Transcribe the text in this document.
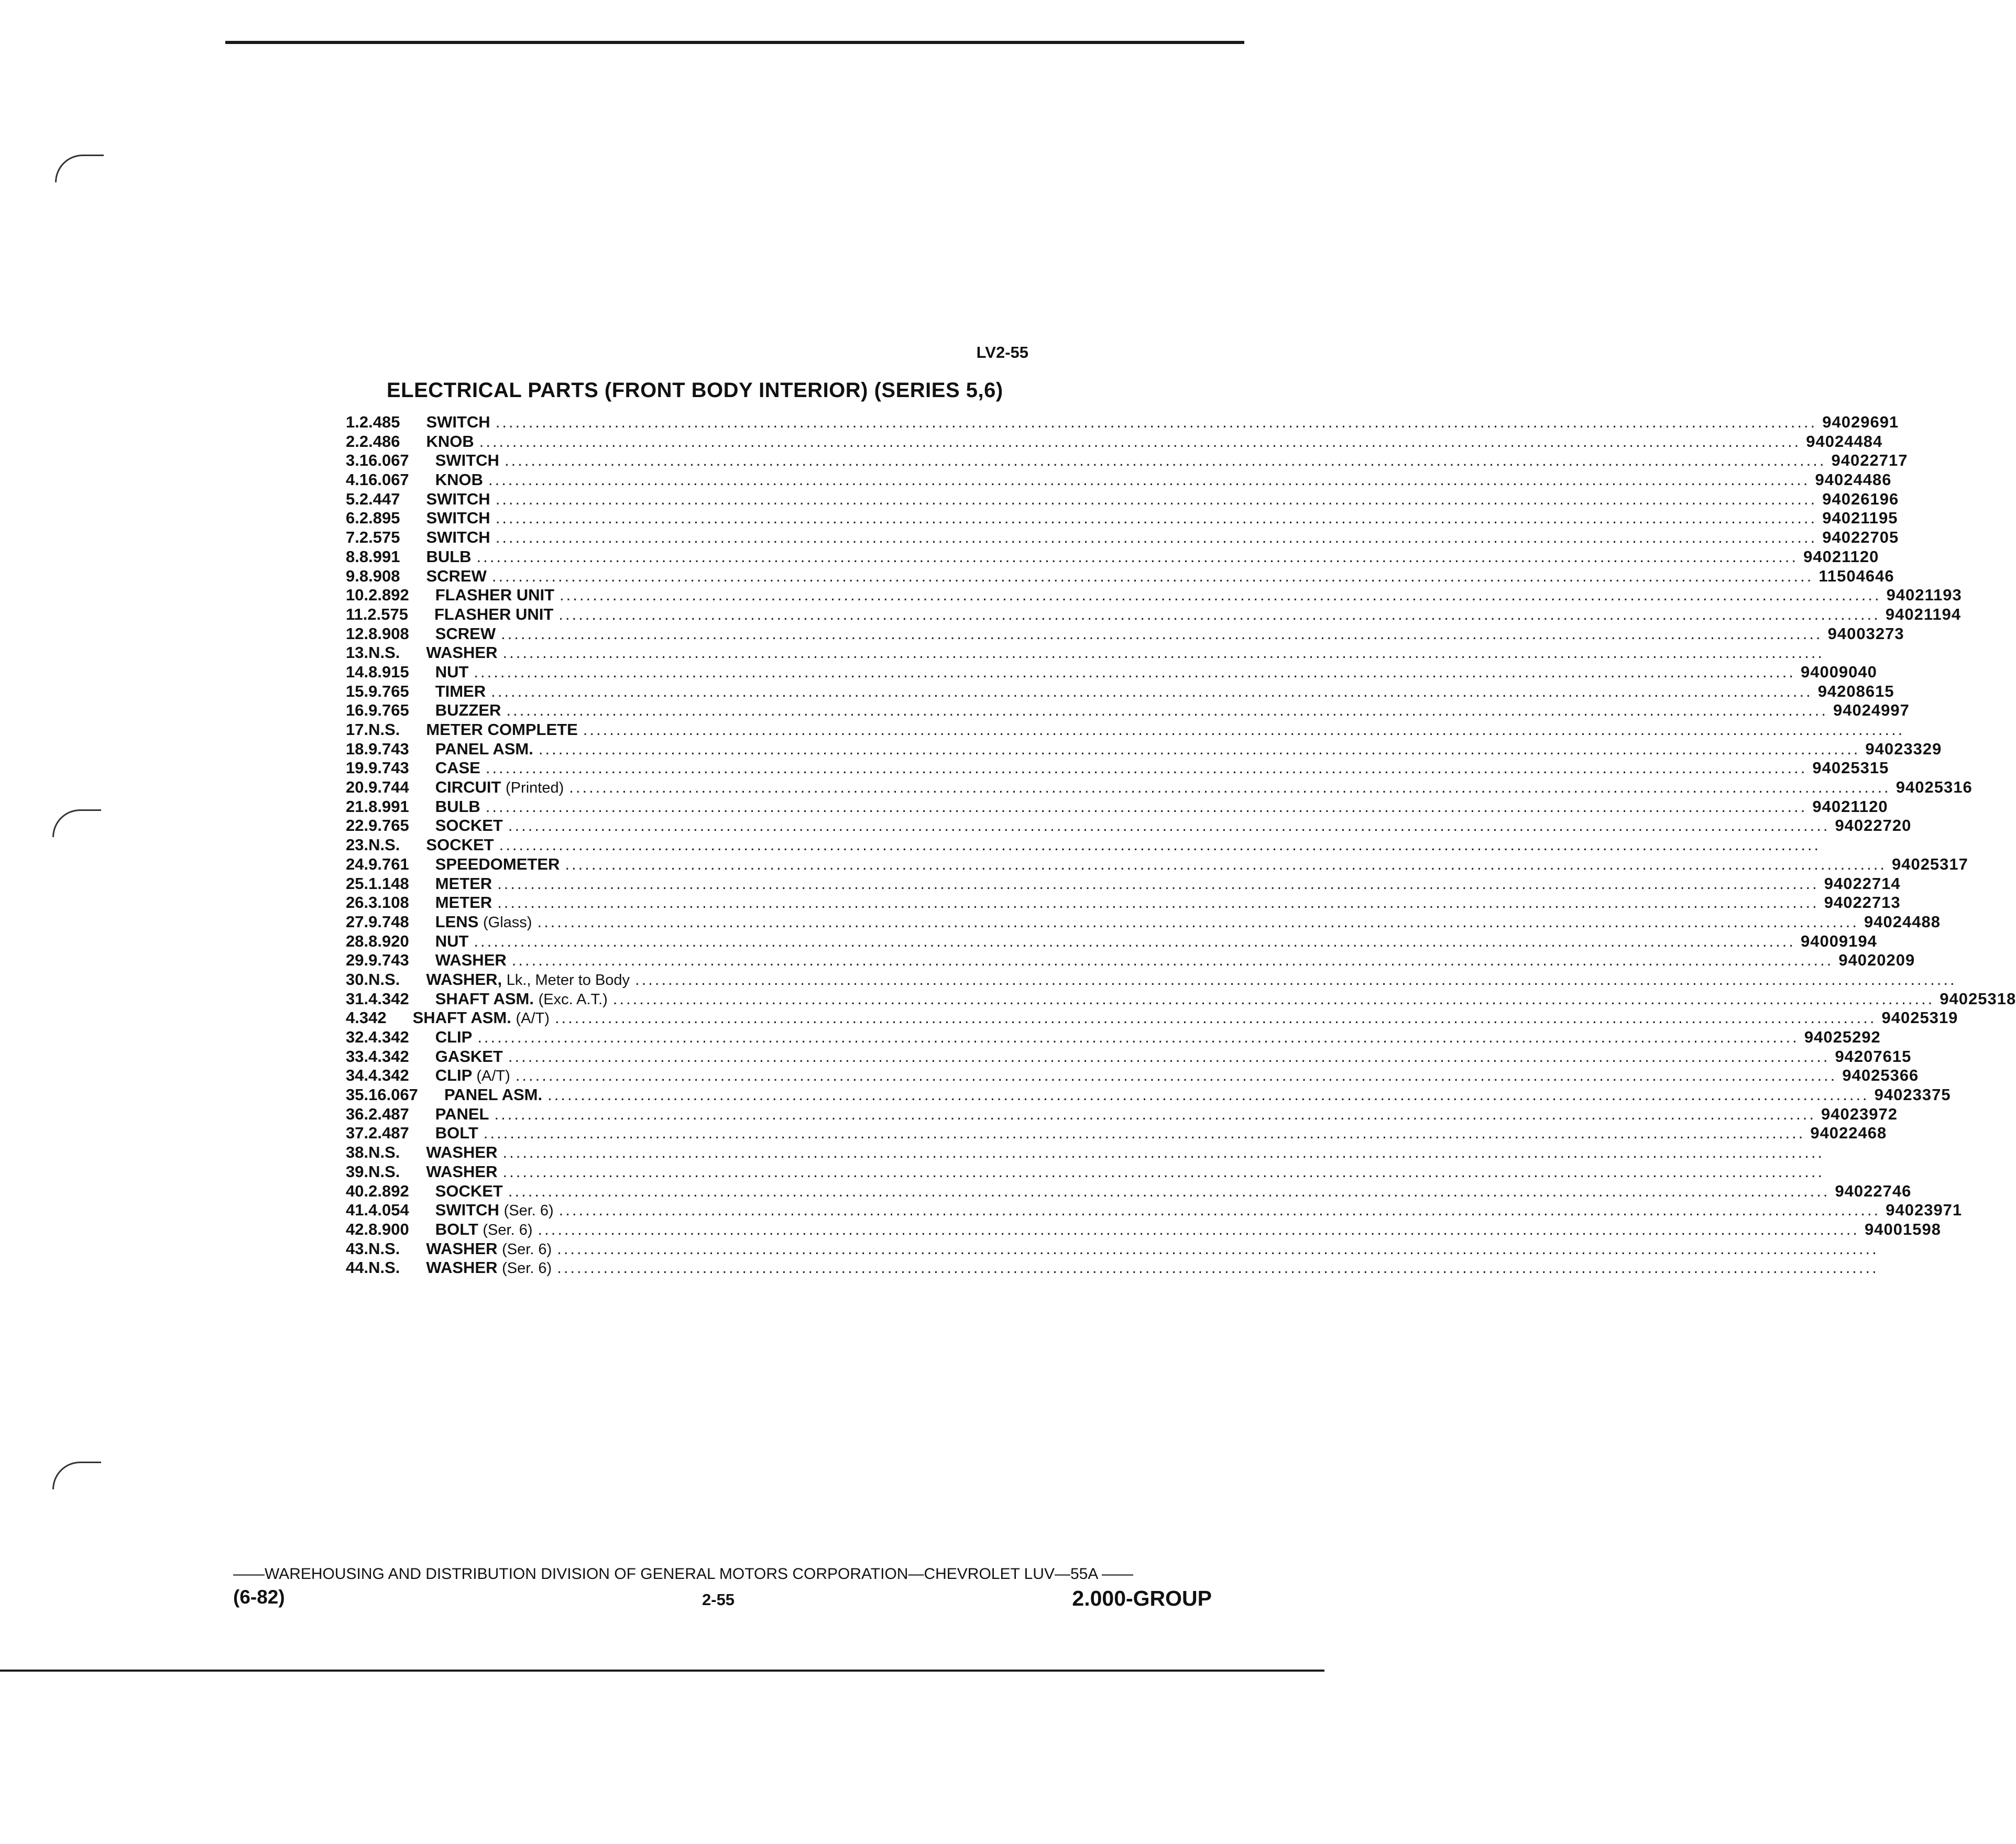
LV2-55
ELECTRICAL PARTS (FRONT BODY INTERIOR) (SERIES 5,6)
1. 2.485 SWITCH ........................................................................................................................................................................................................ 94029691
2. 2.486 KNOB ........................................................................................................................................................................................................ 94024484
3. 16.067 SWITCH ........................................................................................................................................................................................................ 94022717
4. 16.067 KNOB ........................................................................................................................................................................................................ 94024486
5. 2.447 SWITCH ........................................................................................................................................................................................................ 94026196
6. 2.895 SWITCH ........................................................................................................................................................................................................ 94021195
7. 2.575 SWITCH ........................................................................................................................................................................................................ 94022705
8. 8.991 BULB ........................................................................................................................................................................................................ 94021120
9. 8.908 SCREW ........................................................................................................................................................................................................ 11504646
10. 2.892 FLASHER UNIT ........................................................................................................................................................................................................ 94021193
11. 2.575 FLASHER UNIT ........................................................................................................................................................................................................ 94021194
12. 8.908 SCREW ........................................................................................................................................................................................................ 94003273
13. N.S. WASHER ........................................................................................................................................................................................................
14. 8.915 NUT ........................................................................................................................................................................................................ 94009040
15. 9.765 TIMER ........................................................................................................................................................................................................ 94208615
16. 9.765 BUZZER ........................................................................................................................................................................................................ 94024997
17. N.S. METER COMPLETE ........................................................................................................................................................................................................
18. 9.743 PANEL ASM. ........................................................................................................................................................................................................ 94023329
19. 9.743 CASE ........................................................................................................................................................................................................ 94025315
20. 9.744 CIRCUIT (Printed) ........................................................................................................................................................................................................ 94025316
21. 8.991 BULB ........................................................................................................................................................................................................ 94021120
22. 9.765 SOCKET ........................................................................................................................................................................................................ 94022720
23. N.S. SOCKET ........................................................................................................................................................................................................
24. 9.761 SPEEDOMETER ........................................................................................................................................................................................................ 94025317
25. 1.148 METER ........................................................................................................................................................................................................ 94022714
26. 3.108 METER ........................................................................................................................................................................................................ 94022713
27. 9.748 LENS (Glass) ........................................................................................................................................................................................................ 94024488
28. 8.920 NUT ........................................................................................................................................................................................................ 94009194
29. 9.743 WASHER ........................................................................................................................................................................................................ 94020209
30. N.S. WASHER, Lk., Meter to Body ........................................................................................................................................................................................................
31. 4.342 SHAFT ASM. (Exc. A.T.) ........................................................................................................................................................................................................ 94025318
4.342 SHAFT ASM. (A/T) ........................................................................................................................................................................................................ 94025319
32. 4.342 CLIP ........................................................................................................................................................................................................ 94025292
33. 4.342 GASKET ........................................................................................................................................................................................................ 94207615
34. 4.342 CLIP (A/T) ........................................................................................................................................................................................................ 94025366
35. 16.067 PANEL ASM. ........................................................................................................................................................................................................ 94023375
36. 2.487 PANEL ........................................................................................................................................................................................................ 94023972
37. 2.487 BOLT ........................................................................................................................................................................................................ 94022468
38. N.S. WASHER ........................................................................................................................................................................................................
39. N.S. WASHER ........................................................................................................................................................................................................
40. 2.892 SOCKET ........................................................................................................................................................................................................ 94022746
41. 4.054 SWITCH (Ser. 6) ........................................................................................................................................................................................................ 94023971
42. 8.900 BOLT (Ser. 6) ........................................................................................................................................................................................................ 94001598
43. N.S. WASHER (Ser. 6) ........................................................................................................................................................................................................
44. N.S. WASHER (Ser. 6) ........................................................................................................................................................................................................
——WAREHOUSING AND DISTRIBUTION DIVISION OF GENERAL MOTORS CORPORATION—CHEVROLET LUV—55A ——
(6-82)	2-55	2.000-GROUP
